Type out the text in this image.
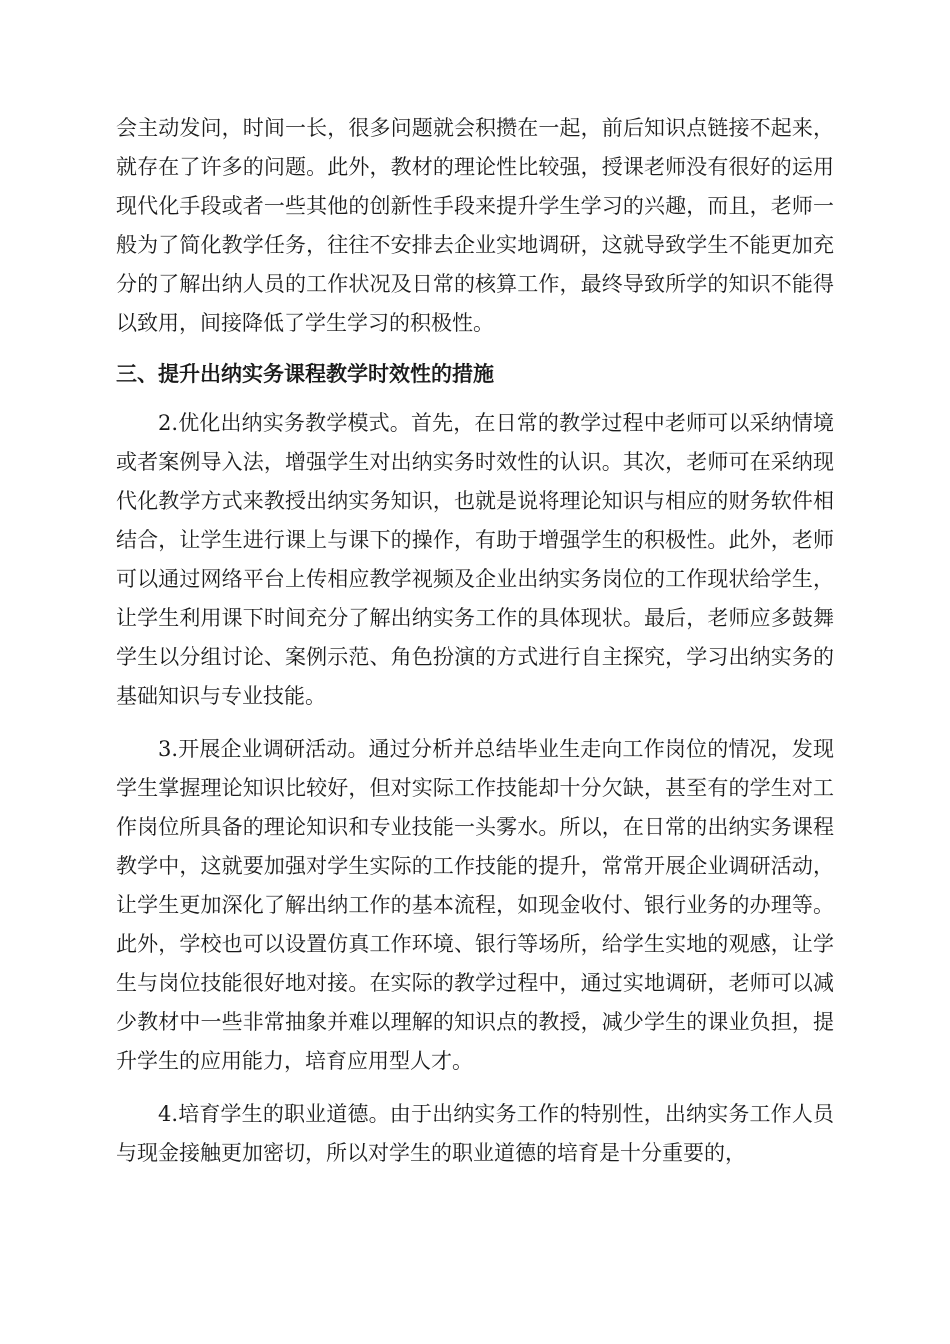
会主动发问，时间一长，很多问题就会积攒在一起，前后知识点链接不起来，就存在了许多的问题。此外，教材的理论性比较强，授课老师没有很好的运用现代化手段或者一些其他的创新性手段来提升学生学习的兴趣，而且，老师一般为了简化教学任务，往往不安排去企业实地调研，这就导致学生不能更加充分的了解出纳人员的工作状况及日常的核算工作，最终导致所学的知识不能得以致用，间接降低了学生学习的积极性。

三、提升出纳实务课程教学时效性的措施

2.优化出纳实务教学模式。首先，在日常的教学过程中老师可以采纳情境或者案例导入法，增强学生对出纳实务时效性的认识。其次，老师可在采纳现代化教学方式来教授出纳实务知识，也就是说将理论知识与相应的财务软件相结合，让学生进行课上与课下的操作，有助于增强学生的积极性。此外，老师可以通过网络平台上传相应教学视频及企业出纳实务岗位的工作现状给学生，让学生利用课下时间充分了解出纳实务工作的具体现状。最后，老师应多鼓舞学生以分组讨论、案例示范、角色扮演的方式进行自主探究，学习出纳实务的基础知识与专业技能。

3.开展企业调研活动。通过分析并总结毕业生走向工作岗位的情况，发现学生掌握理论知识比较好，但对实际工作技能却十分欠缺，甚至有的学生对工作岗位所具备的理论知识和专业技能一头雾水。所以，在日常的出纳实务课程教学中，这就要加强对学生实际的工作技能的提升，常常开展企业调研活动，让学生更加深化了解出纳工作的基本流程，如现金收付、银行业务的办理等。此外，学校也可以设置仿真工作环境、银行等场所，给学生实地的观感，让学生与岗位技能很好地对接。在实际的教学过程中，通过实地调研，老师可以减少教材中一些非常抽象并难以理解的知识点的教授，减少学生的课业负担，提升学生的应用能力，培育应用型人才。

4.培育学生的职业道德。由于出纳实务工作的特别性，出纳实务工作人员与现金接触更加密切，所以对学生的职业道德的培育是十分重要的，
